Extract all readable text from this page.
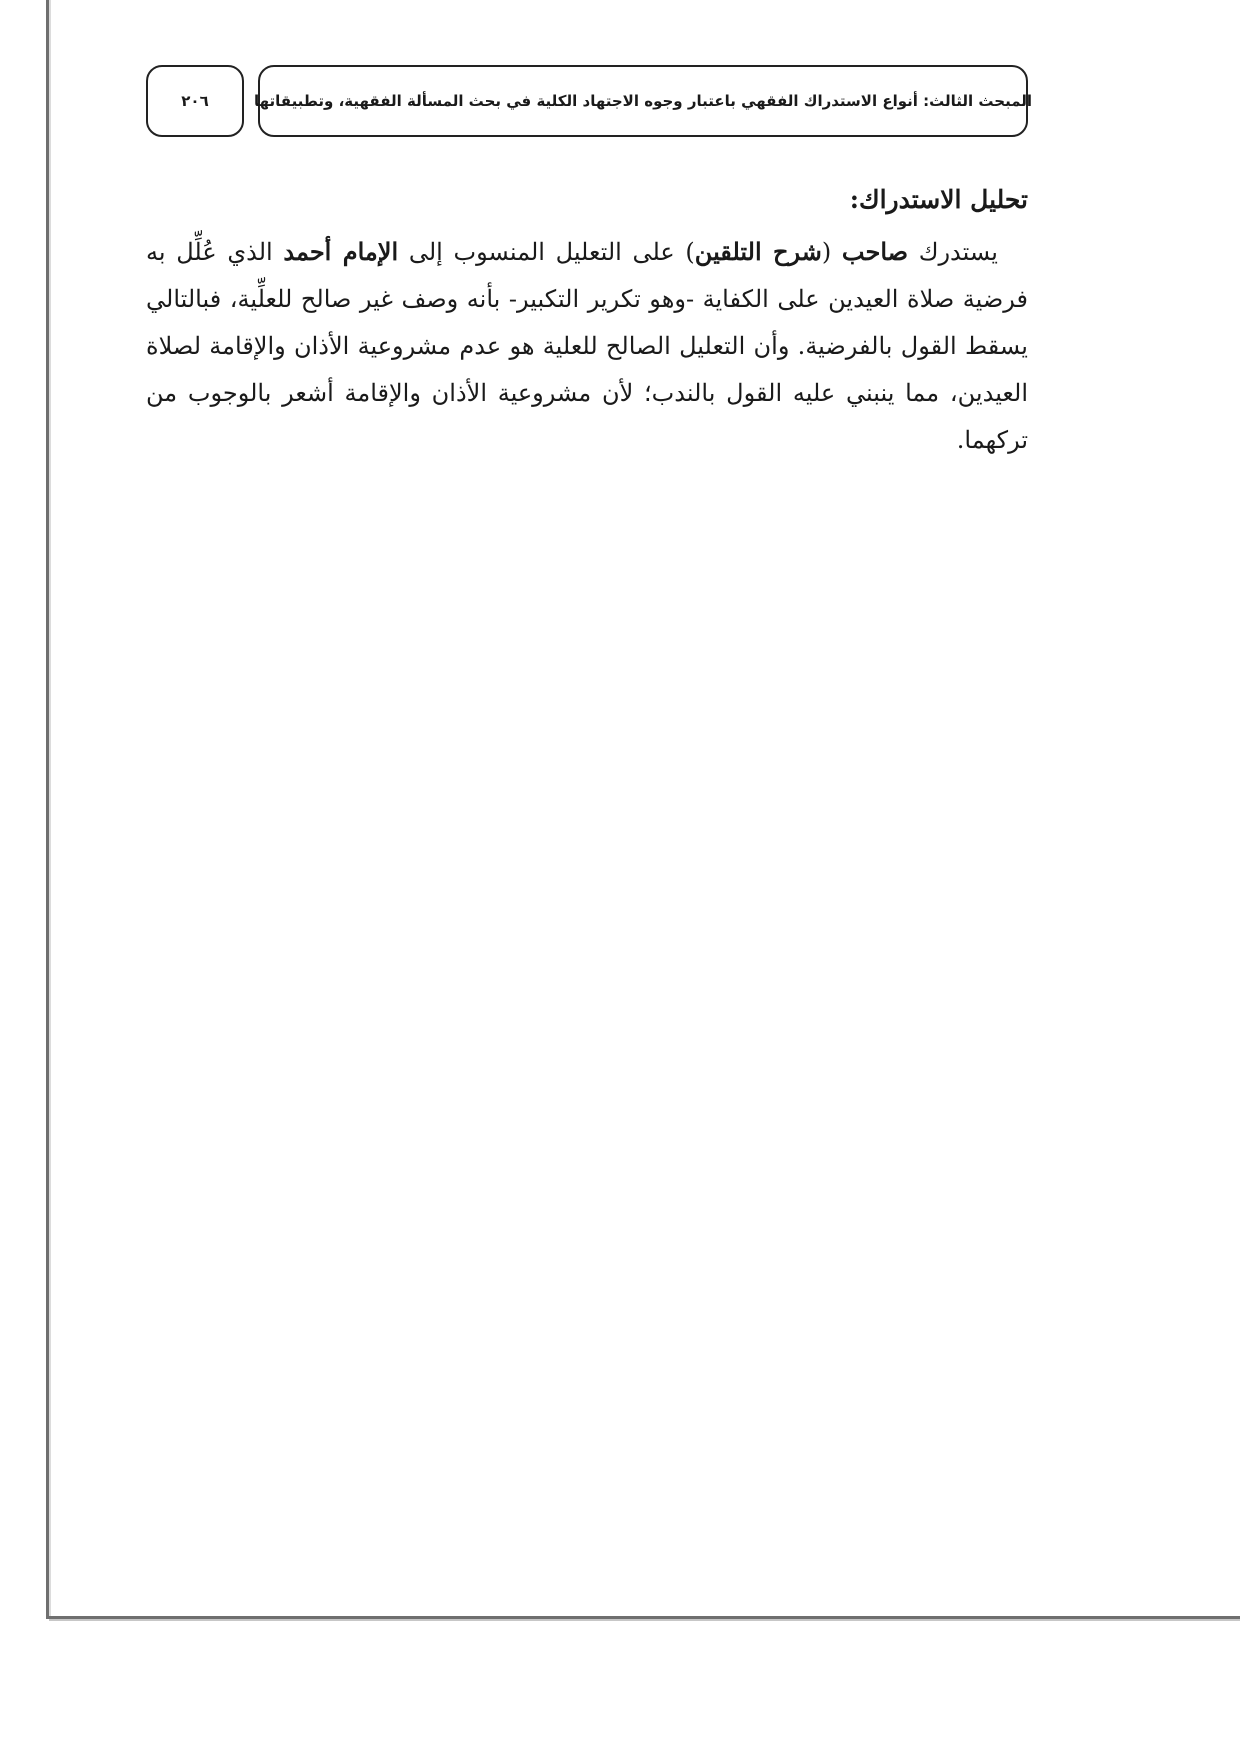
المبحث الثالث: أنواع الاستدراك الفقهي باعتبار وجوه الاجتهاد الكلية في بحث المسألة الفقهية، وتطبيقاتها
٢٠٦
تحليل الاستدراك:

يستدرك صاحب (شرح التلقين) على التعليل المنسوب إلى الإمام أحمد الذي عُلِّل به فرضية صلاة العيدين على الكفاية -وهو تكرير التكبير- بأنه وصف غير صالح للعلِّية، فبالتالي يسقط القول بالفرضية. وأن التعليل الصالح للعلية هو عدم مشروعية الأذان والإقامة لصلاة العيدين، مما ينبني عليه القول بالندب؛ لأن مشروعية الأذان والإقامة أشعر بالوجوب من تركهما.
